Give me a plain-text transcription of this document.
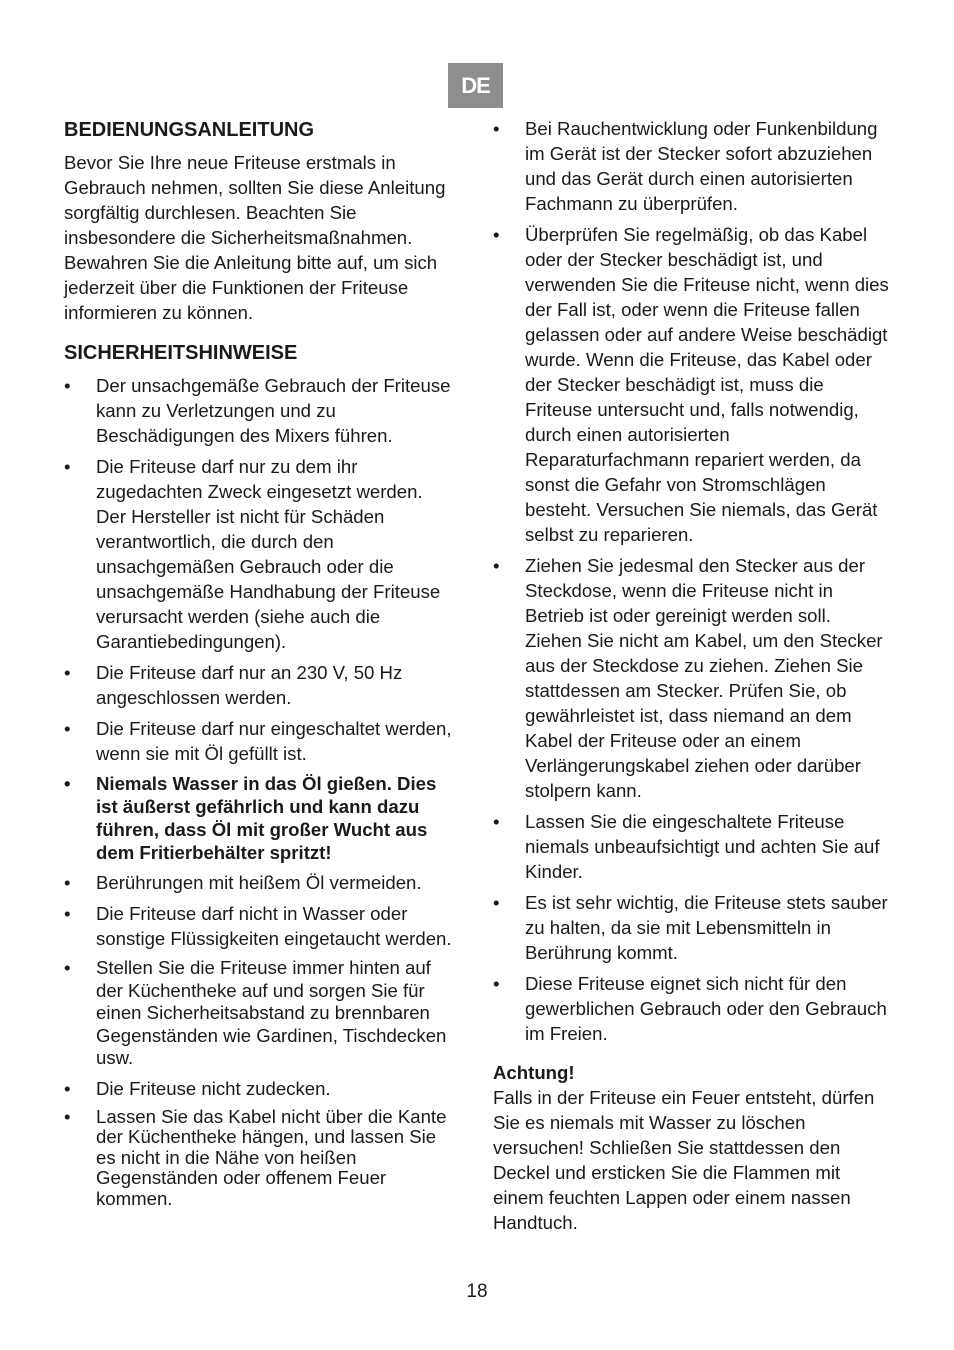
DE
BEDIENUNGSANLEITUNG

Bevor Sie Ihre neue Friteuse erstmals in Gebrauch nehmen, sollten Sie diese Anleitung sorgfältig durchlesen. Beachten Sie insbesondere die Sicherheitsmaßnahmen. Bewahren Sie die Anleitung bitte auf, um sich jederzeit über die Funktionen der Friteuse informieren zu können.

SICHERHEITSHINWEISE
• Der unsachgemäße Gebrauch der Friteuse kann zu Verletzungen und zu Beschädigungen des Mixers führen.
• Die Friteuse darf nur zu dem ihr zugedachten Zweck eingesetzt werden. Der Hersteller ist nicht für Schäden verantwortlich, die durch den unsachgemäßen Gebrauch oder die unsachgemäße Handhabung der Friteuse verursacht werden (siehe auch die Garantiebedingungen).
• Die Friteuse darf nur an 230 V, 50 Hz angeschlossen werden.
• Die Friteuse darf nur eingeschaltet werden, wenn sie mit Öl gefüllt ist.
• Niemals Wasser in das Öl gießen. Dies ist äußerst gefährlich und kann dazu führen, dass Öl mit großer Wucht aus dem Fritierbehälter spritzt!
• Berührungen mit heißem Öl vermeiden.
• Die Friteuse darf nicht in Wasser oder sonstige Flüssigkeiten eingetaucht werden.
• Stellen Sie die Friteuse immer hinten auf der Küchentheke auf und sorgen Sie für einen Sicherheitsabstand zu brennbaren Gegenständen wie Gardinen, Tischdecken usw.
• Die Friteuse nicht zudecken.
• Lassen Sie das Kabel nicht über die Kante der Küchentheke hängen, und lassen Sie es nicht in die Nähe von heißen Gegenständen oder offenem Feuer kommen.
• Bei Rauchentwicklung oder Funkenbildung im Gerät ist der Stecker sofort abzuziehen und das Gerät durch einen autorisierten Fachmann zu überprüfen.
• Überprüfen Sie regelmäßig, ob das Kabel oder der Stecker beschädigt ist, und verwenden Sie die Friteuse nicht, wenn dies der Fall ist, oder wenn die Friteuse fallen gelassen oder auf andere Weise beschädigt wurde. Wenn die Friteuse, das Kabel oder der Stecker beschädigt ist, muss die Friteuse untersucht und, falls notwendig, durch einen autorisierten Reparaturfachmann repariert werden, da sonst die Gefahr von Stromschlägen besteht. Versuchen Sie niemals, das Gerät selbst zu reparieren.
• Ziehen Sie jedesmal den Stecker aus der Steckdose, wenn die Friteuse nicht in Betrieb ist oder gereinigt werden soll. Ziehen Sie nicht am Kabel, um den Stecker aus der Steckdose zu ziehen. Ziehen Sie stattdessen am Stecker. Prüfen Sie, ob gewährleistet ist, dass niemand an dem Kabel der Friteuse oder an einem Verlängerungskabel ziehen oder darüber stolpern kann.
• Lassen Sie die eingeschaltete Friteuse niemals unbeaufsichtigt und achten Sie auf Kinder.
• Es ist sehr wichtig, die Friteuse stets sauber zu halten, da sie mit Lebensmitteln in Berührung kommt.
• Diese Friteuse eignet sich nicht für den gewerblichen Gebrauch oder den Gebrauch im Freien.
Achtung!

Falls in der Friteuse ein Feuer entsteht, dürfen Sie es niemals mit Wasser zu löschen versuchen! Schließen Sie stattdessen den Deckel und ersticken Sie die Flammen mit einem feuchten Lappen oder einem nassen Handtuch.

18
